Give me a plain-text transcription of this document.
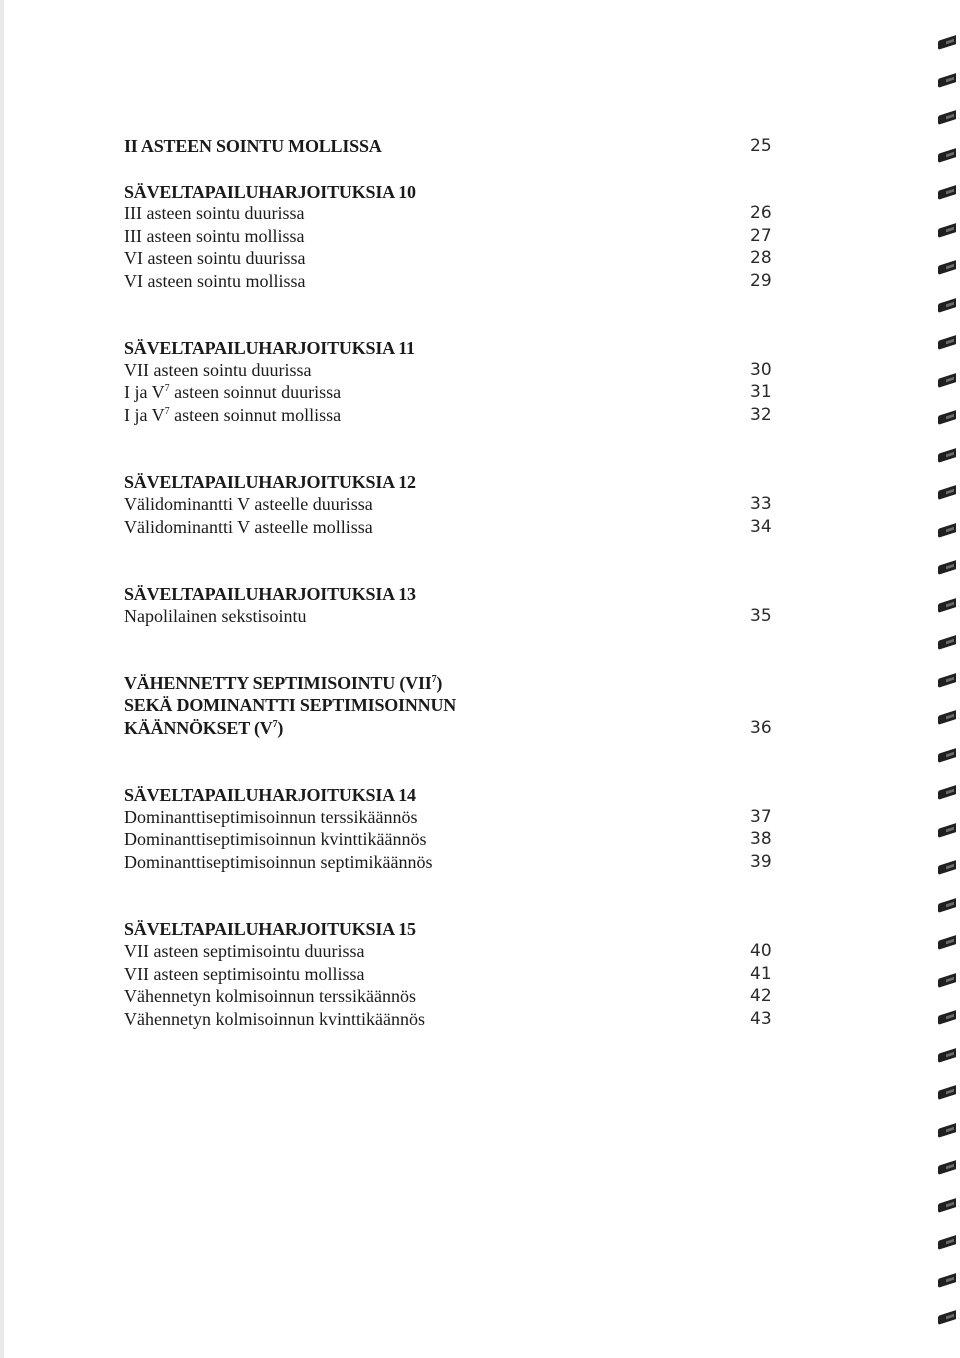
II ASTEEN SOINTU MOLLISSA	25
SÄVELTAPAILUHARJOITUKSIA 10
III asteen sointu duurissa	26
III asteen sointu mollissa	27
VI asteen sointu duurissa	28
VI asteen sointu mollissa	29
SÄVELTAPAILUHARJOITUKSIA 11
VII asteen sointu duurissa	30
I ja $V^7$ asteen soinnut duurissa	31
I ja $V^7$ asteen soinnut mollissa	32
SÄVELTAPAILUHARJOITUKSIA 12
Välidominantti V asteelle duurissa	33
Välidominantti V asteelle mollissa	34
SÄVELTAPAILUHARJOITUKSIA 13
Napolilainen sekstisointu	35
VÄHENNETTY SEPTIMISOINTU (VII$^7$)
SEKÄ DOMINANTTI SEPTIMISOINNUN
KÄÄNNÖKSET $(V^7)$	36
SÄVELTAPAILUHARJOITUKSIA 14
Dominanttiseptimisoinnun terssikäännös	37
Dominanttiseptimisoinnun kvinttikäännös	38
Dominanttiseptimisoinnun septimikäännös	39
SÄVELTAPAILUHARJOITUKSIA 15
VII asteen septimisointu duurissa	40
VII asteen septimisointu mollissa	41
Vähennetyn kolmisoinnun terssikäännös	42
Vähennetyn kolmisoinnun kvinttikäännös	43
